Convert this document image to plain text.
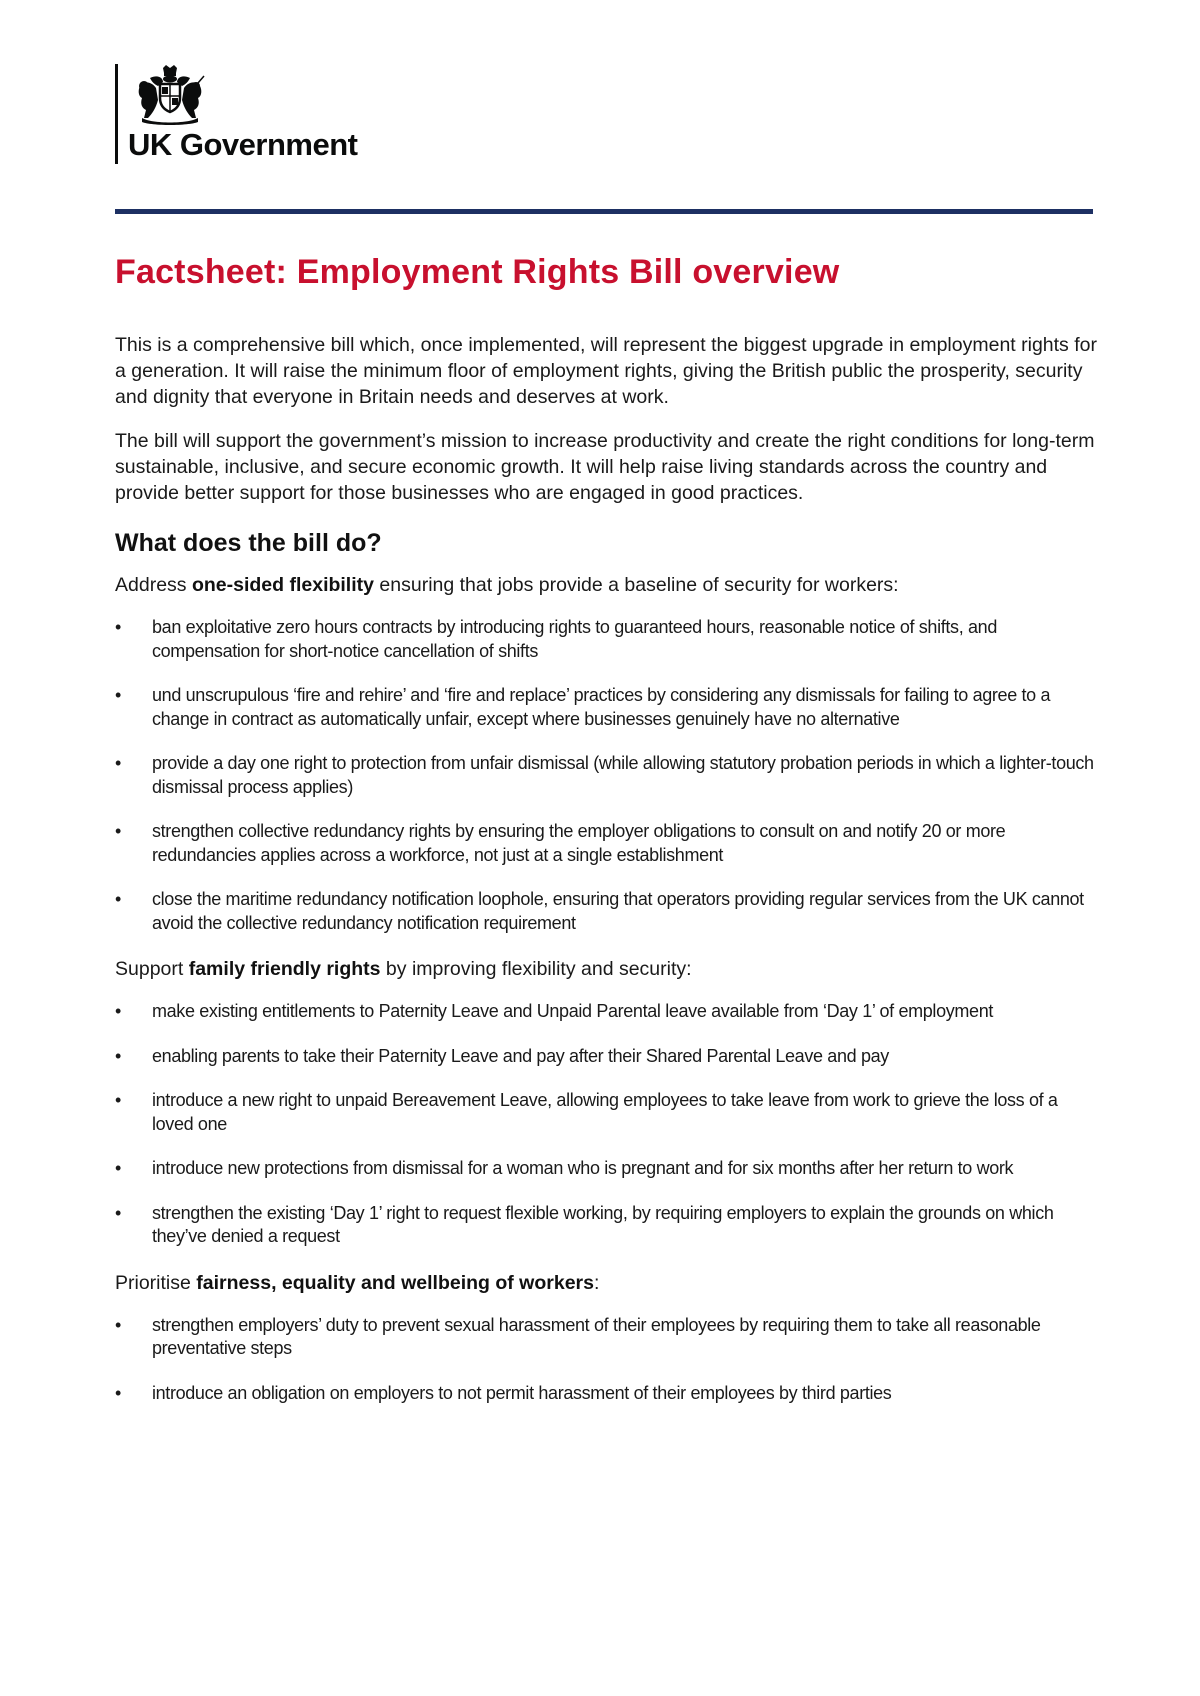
UK Government
Factsheet: Employment Rights Bill overview

This is a comprehensive bill which, once implemented, will represent the biggest upgrade in employment rights for a generation. It will raise the minimum floor of employment rights, giving the British public the prosperity, security and dignity that everyone in Britain needs and deserves at work.

The bill will support the government’s mission to increase productivity and create the right conditions for long-term sustainable, inclusive, and secure economic growth. It will help raise living standards across the country and provide better support for those businesses who are engaged in good practices.

What does the bill do?

Address one-sided flexibility ensuring that jobs provide a baseline of security for workers:

•	ban exploitative zero hours contracts by introducing rights to guaranteed hours, reasonable notice of shifts, and compensation for short-notice cancellation of shifts
•	und unscrupulous ‘fire and rehire’ and ‘fire and replace’ practices by considering any dismissals for failing to agree to a change in contract as automatically unfair, except where businesses genuinely have no alternative
•	provide a day one right to protection from unfair dismissal (while allowing statutory probation periods in which a lighter-touch dismissal process applies)
•	strengthen collective redundancy rights by ensuring the employer obligations to consult on and notify 20 or more redundancies applies across a workforce, not just at a single establishment
•	close the maritime redundancy notification loophole, ensuring that operators providing regular services from the UK cannot avoid the collective redundancy notification requirement

Support family friendly rights by improving flexibility and security:

•	make existing entitlements to Paternity Leave and Unpaid Parental leave available from ‘Day 1’ of employment
•	enabling parents to take their Paternity Leave and pay after their Shared Parental Leave and pay
•	introduce a new right to unpaid Bereavement Leave, allowing employees to take leave from work to grieve the loss of a loved one
•	introduce new protections from dismissal for a woman who is pregnant and for six months after her return to work
•	strengthen the existing ‘Day 1’ right to request flexible working, by requiring employers to explain the grounds on which they’ve denied a request

Prioritise fairness, equality and wellbeing of workers:

•	strengthen employers’ duty to prevent sexual harassment of their employees by requiring them to take all reasonable preventative steps
•	introduce an obligation on employers to not permit harassment of their employees by third parties
